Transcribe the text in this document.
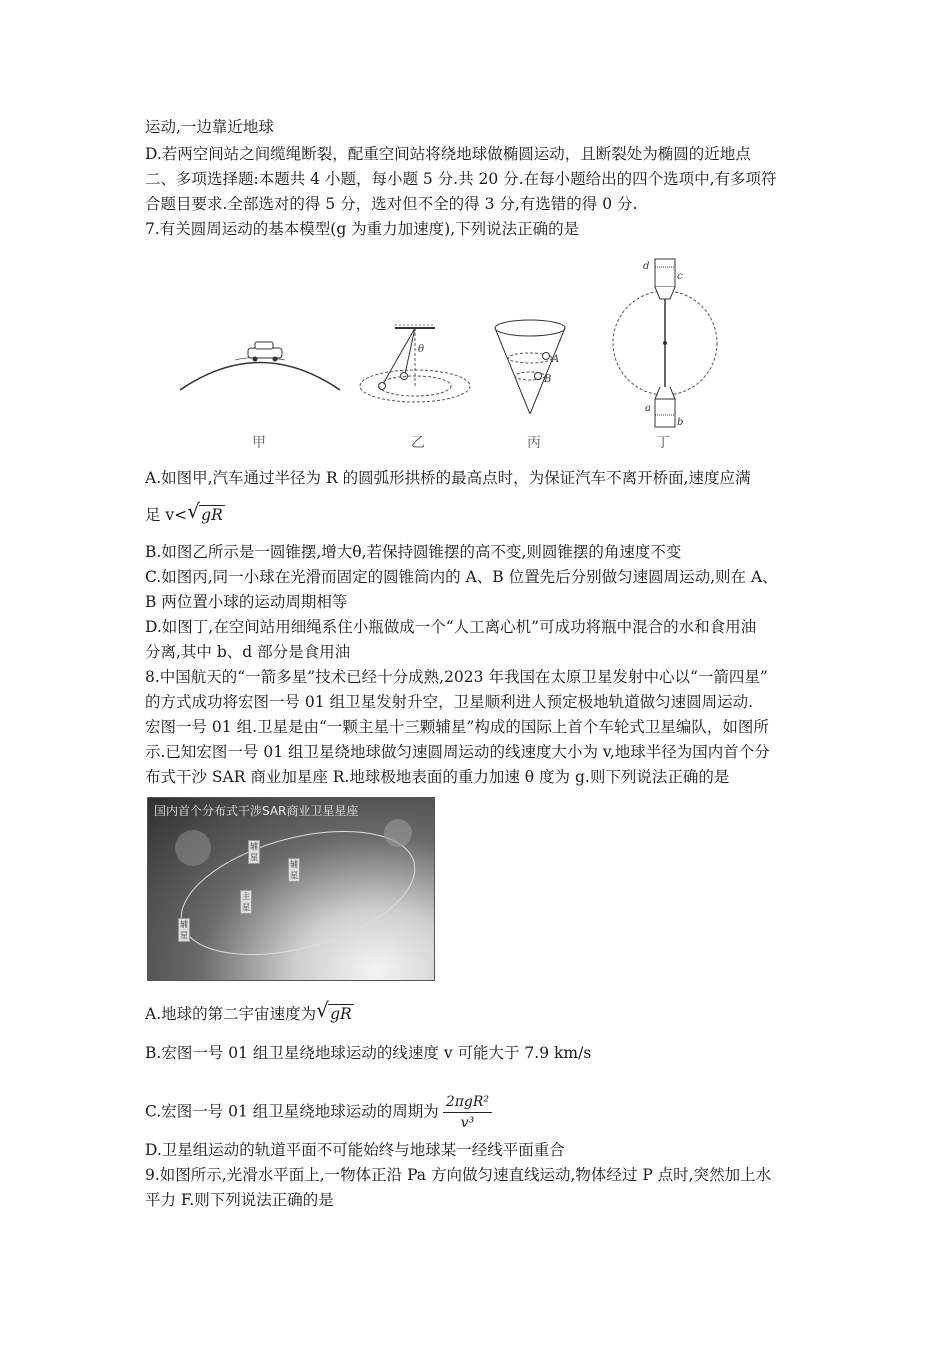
运动,一边靠近地球
D.若两空间站之间缆绳断裂，配重空间站将绕地球做椭圆运动，且断裂处为椭圆的近地点
二、多项选择题:本题共 4 小题，每小题 5 分.共 20 分.在每小题给出的四个选项中,有多项符
合题目要求.全部选对的得 5 分，选对但不全的得 3 分,有选错的得 0 分.
7.有关圆周运动的基本模型(g 为重力加速度),下列说法正确的是
甲
θ
乙
A
B
丙
d
c
a
b
丁
A.如图甲,汽车通过半径为 R 的圆弧形拱桥的最高点时，为保证汽车不离开桥面,速度应满
足 v< √ gR
B.如图乙所示是一圆锥摆,增大θ,若保持圆锥摆的高不变,则圆锥摆的角速度不变
C.如图丙,同一小球在光滑而固定的圆锥筒内的 A、B 位置先后分别做匀速圆周运动,则在 A、
B 两位置小球的运动周期相等
D.如图丁,在空间站用细绳系住小瓶做成一个“人工离心机”可成功将瓶中混合的水和食用油
分离,其中 b、d 部分是食用油
8.中国航天的“一箭多星”技术已经十分成熟,2023 年我国在太原卫星发射中心以“一箭四星”
的方式成功将宏图一号 01 组卫星发射升空，卫星顺利进人预定极地轨道做匀速圆周运动.
宏图一号 01 组.卫星是由“一颗主星十三颗辅星”构成的国际上首个车轮式卫星编队，如图所
示.已知宏图一号 01 组卫星绕地球做匀速圆周运动的线速度大小为 v,地球半径为国内首个分
布式干沙 SAR 商业加星座 R.地球极地表面的重力加速 θ 度为 g.则下列说法正确的是
国内首个分布式干涉SAR商业卫星星座
辅星
辅星
主星
辅星
A.地球的第二宇宙速度为 √ gR
B.宏图一号 01 组卫星绕地球运动的线速度 v 可能大于 7.9 km/s
C.宏图一号 01 组卫星绕地球运动的周期为 $\frac{\text{2πgR²}}{\text{v³}}$
D.卫星组运动的轨道平面不可能始终与地球某一经线平面重合
9.如图所示,光滑水平面上,一物体正沿 Pa 方向做匀速直线运动,物体经过 P 点时,突然加上水
平力 F.则下列说法正确的是
